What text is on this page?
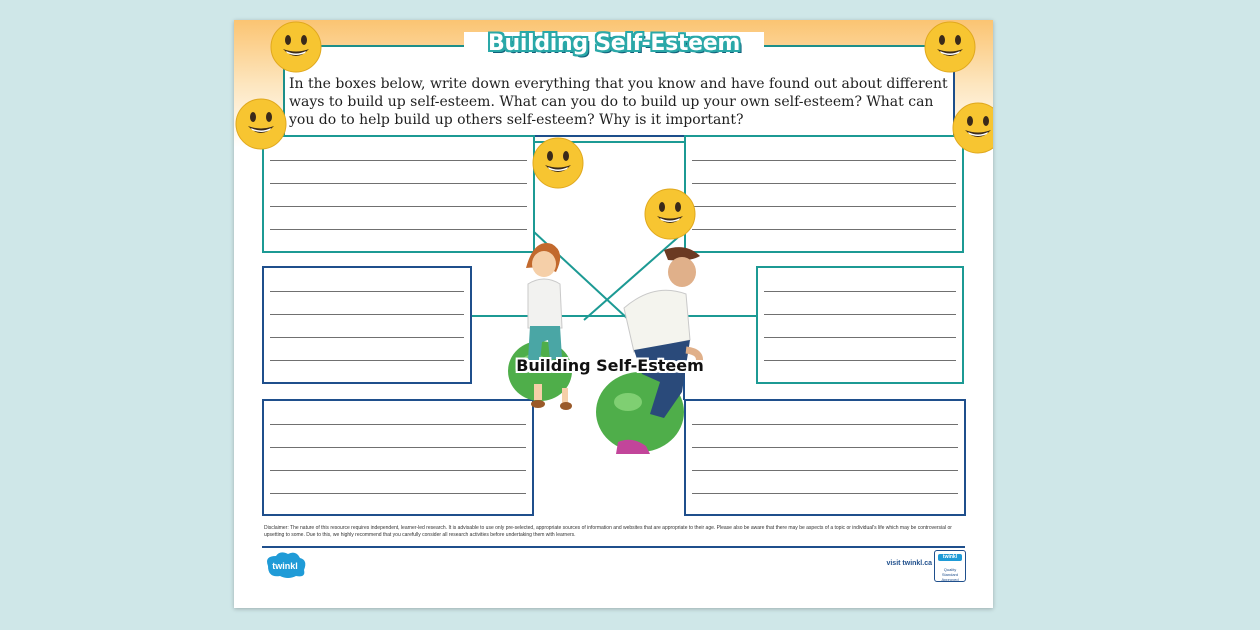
Building Self-Esteem
In the boxes below, write down everything that you know and have found out about different ways to build up self-esteem. What can you do to build up your own self-esteem? What can you do to help build up others self-esteem? Why is it important?
Building Self-Esteem
Disclaimer: The nature of this resource requires independent, learner-led research. It is advisable to use only pre-selected, appropriate sources of information and websites that are appropriate to their age. Please also be aware that there may be aspects of a topic or individual's life which may be controversial or upsetting to some. Due to this, we highly recommend that you carefully consider all research activities before undertaking them with learners.
twinkl	visit twinkl.ca
twinkl
Quality Standard Approved
